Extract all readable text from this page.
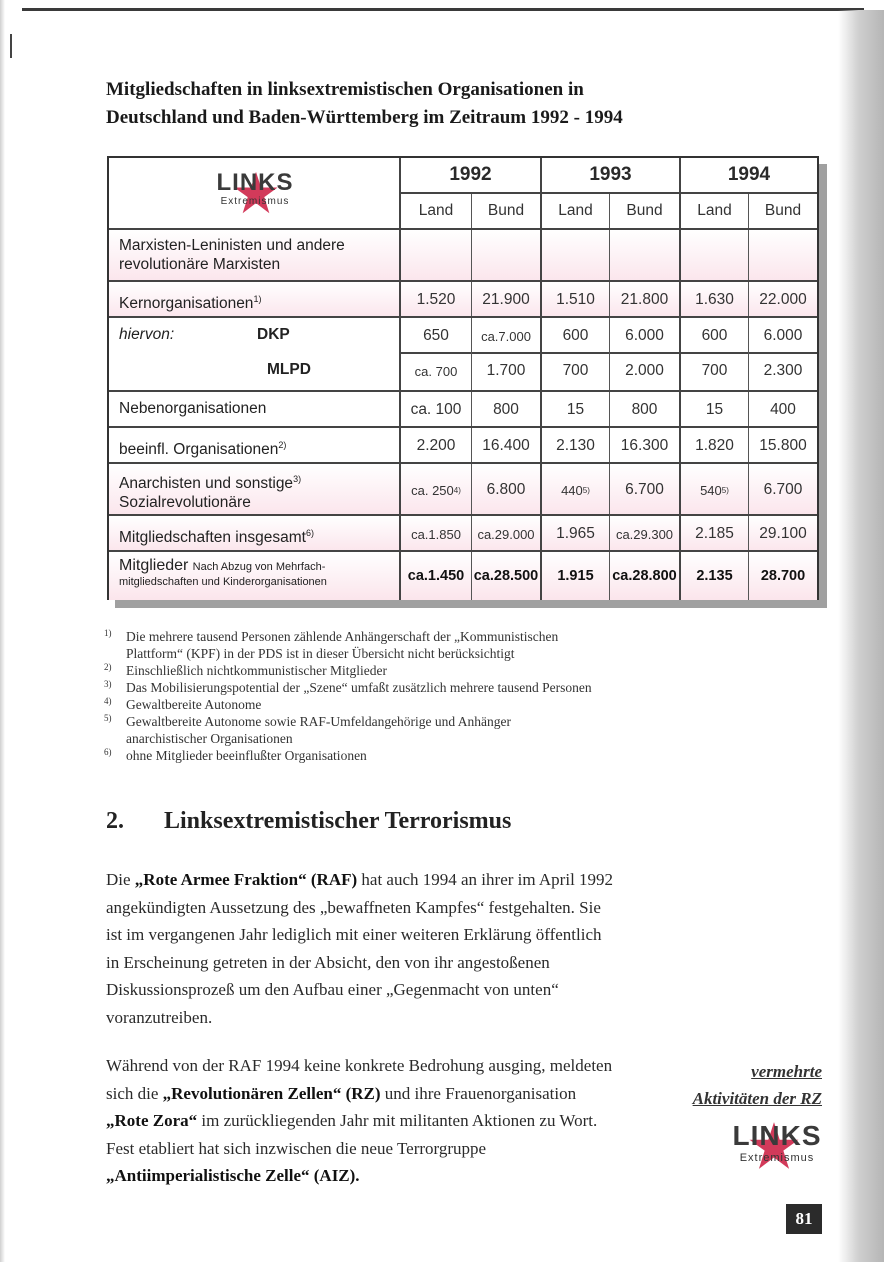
Mitgliedschaften in linksextremistischen Organisationen in
Deutschland und Baden-Württemberg im Zeitraum 1992 - 1994
LINKS
Extremismus
1992	1993	1994
Land	Bund	Land	Bund	Land	Bund
Marxisten-Leninisten und andere
revolutionäre Marxisten
Kernorganisationen$^{1)}$	1.520	21.900	1.510	21.800	1.630	22.000
hiervon:	DKP	650	ca.7.000	600	6.000	600	6.000
MLPD	ca. 700	1.700	700	2.000	700	2.300
Nebenorganisationen	ca. 100	800	15	800	15	400
beeinfl. Organisationen$^{2)}$	2.200	16.400	2.130	16.300	1.820	15.800
Anarchisten und sonstige$^{3)}$
Sozialrevolutionäre
ca. 250 4)	6.800	440 5)	6.700	540 5)	6.700
Mitgliedschaften insgesamt$^{6)}$	ca.1.850	ca.29.000	1.965	ca.29.300	2.185	29.100
Mitglieder Nach Abzug von Mehrfach-
mitgliedschaften und Kinderorganisationen	ca.1.450 ca.28.500	1.915	ca.28.800	2.135	28.700
1) Die mehrere tausend Personen zählende Anhängerschaft der „Kommunistischen
Plattform“ (KPF) in der PDS ist in dieser Übersicht nicht berücksichtigt
2) Einschließlich nichtkommunistischer Mitglieder
3) Das Mobilisierungspotential der „Szene“ umfaßt zusätzlich mehrere tausend Personen
4) Gewaltbereite Autonome
5) Gewaltbereite Autonome sowie RAF-Umfeldangehörige und Anhänger
anarchistischer Organisationen
6) ohne Mitglieder beeinflußter Organisationen
2. Linksextremistischer Terrorismus
Die „Rote Armee Fraktion“ (RAF) hat auch 1994 an ihrer im April 1992 angekündigten Aussetzung des „bewaffneten Kampfes“ festgehalten. Sie ist im vergangenen Jahr lediglich mit einer weiteren Erklärung öffentlich in Erscheinung getreten in der Absicht, den von ihr angestoßenen Diskussionsprozeß um den Aufbau einer „Gegenmacht von unten“ voranzutreiben.
Während von der RAF 1994 keine konkrete Bedrohung ausging, meldeten sich die „Revolutionären Zellen“ (RZ) und ihre Frauenorganisation „Rote Zora“ im zurückliegenden Jahr mit militanten Aktionen zu Wort. Fest etabliert hat sich inzwischen die neue Terrorgruppe „Antiimperialistische Zelle“ (AIZ).
vermehrte
Aktivitäten der RZ
LINKS
Extremismus
81
